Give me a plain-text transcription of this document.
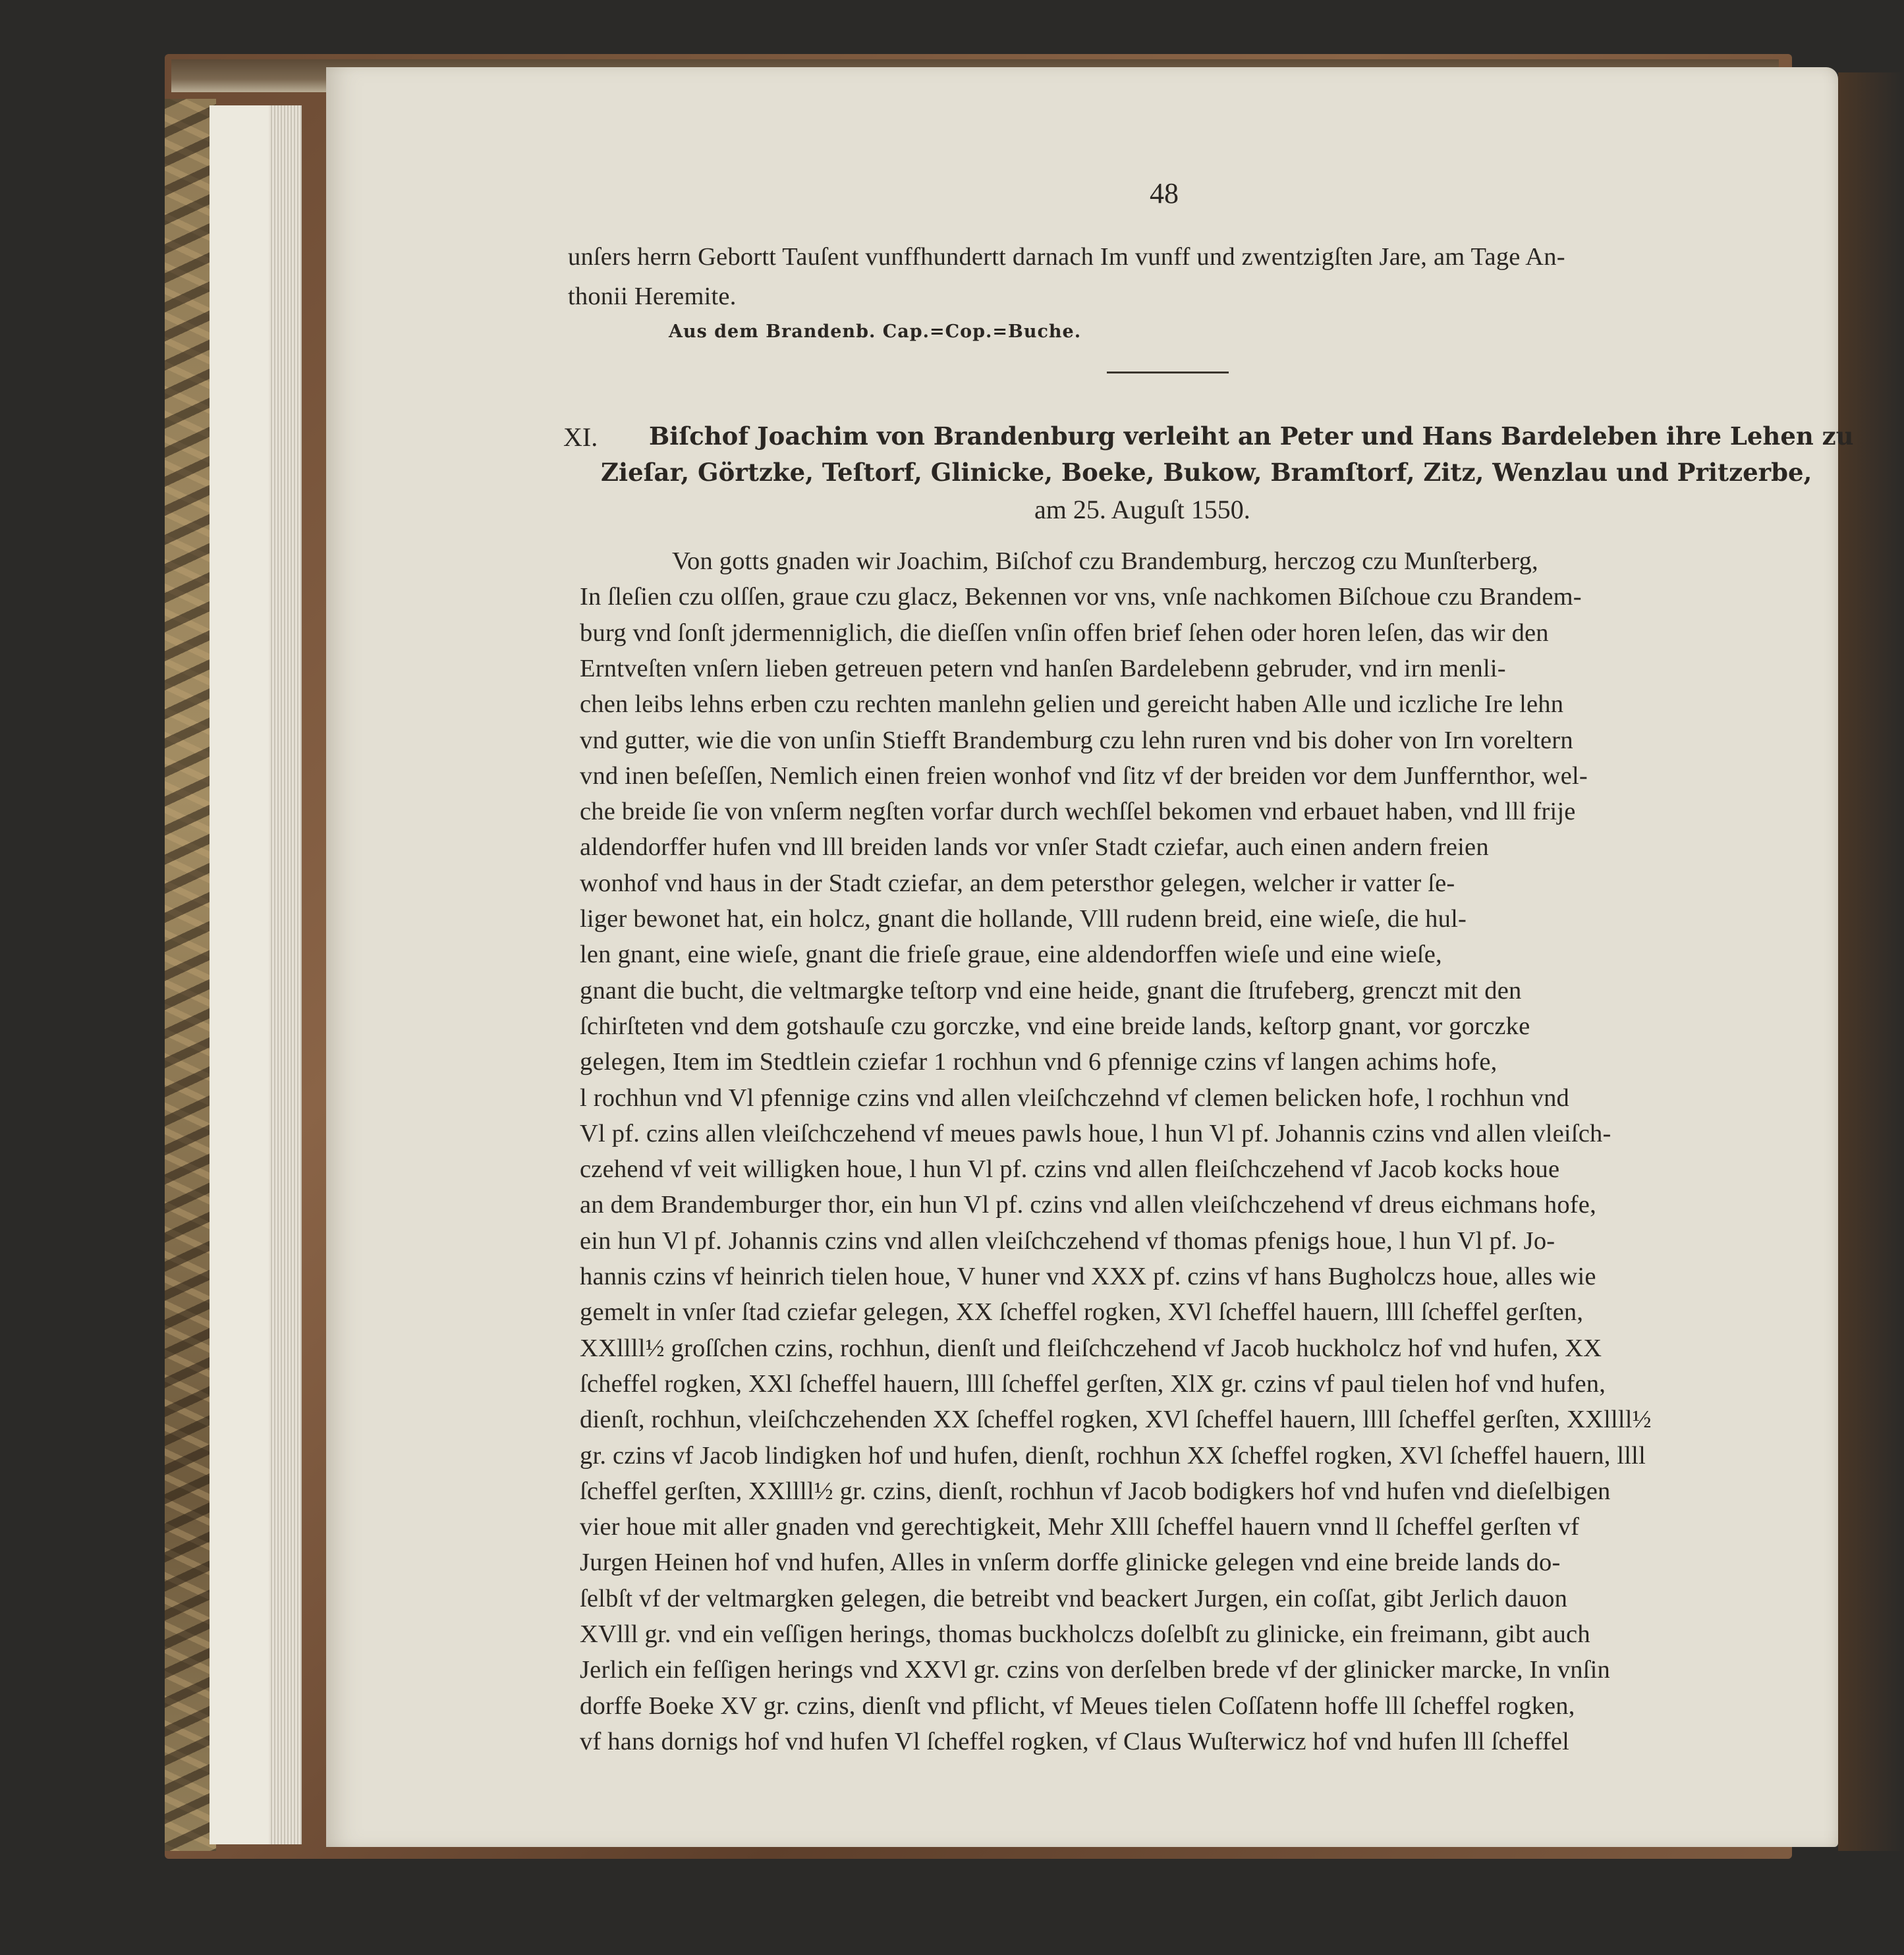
48
unſers herrn Gebortt Tauſent vunffhundertt darnach Im vunff und zwentzigſten Jare, am Tage An-
thonii Heremite.
Aus dem Brandenb. Cap.=Cop.=Buche.
XI. Biſchof Joachim von Brandenburg verleiht an Peter und Hans Bardeleben ihre Lehen zu
Zieſar, Görtzke, Teſtorf, Glinicke, Boeke, Bukow, Bramſtorf, Zitz, Wenzlau und Pritzerbe,
am 25. Auguſt 1550.
Von gotts gnaden wir Joachim, Biſchof czu Brandemburg, herczog czu Munſterberg,
In ſleſien czu olſſen, graue czu glacz, Bekennen vor vns, vnſe nachkomen Biſchoue czu Brandem-
burg vnd ſonſt jdermenniglich, die dieſſen vnſin offen brief ſehen oder horen leſen, das wir den
Erntveſten vnſern lieben getreuen petern vnd hanſen Bardelebenn gebruder, vnd irn menli-
chen leibs lehns erben czu rechten manlehn gelien und gereicht haben Alle und iczliche Ire lehn
vnd gutter, wie die von unſin Stiefft Brandemburg czu lehn ruren vnd bis doher von Irn voreltern
vnd inen beſeſſen, Nemlich einen freien wonhof vnd ſitz vf der breiden vor dem Junffernthor, wel-
che breide ſie von vnſerm negſten vorfar durch wechſſel bekomen vnd erbauet haben, vnd lll frije
aldendorffer hufen vnd lll breiden lands vor vnſer Stadt cziefar, auch einen andern freien
wonhof vnd haus in der Stadt cziefar, an dem petersthor gelegen, welcher ir vatter ſe-
liger bewonet hat, ein holcz, gnant die hollande, Vlll rudenn breid, eine wieſe, die hul-
len gnant, eine wieſe, gnant die frieſe graue, eine aldendorffen wieſe und eine wieſe,
gnant die bucht, die veltmargke teſtorp vnd eine heide, gnant die ſtrufeberg, grenczt mit den
ſchirſteten vnd dem gotshauſe czu gorczke, vnd eine breide lands, keſtorp gnant, vor gorczke
gelegen, Item im Stedtlein cziefar 1 rochhun vnd 6 pfennige czins vf langen achims hofe,
l rochhun vnd Vl pfennige czins vnd allen vleiſchczehnd vf clemen belicken hofe, l rochhun vnd
Vl pf. czins allen vleiſchczehend vf meues pawls houe, l hun Vl pf. Johannis czins vnd allen vleiſch-
czehend vf veit willigken houe, l hun Vl pf. czins vnd allen fleiſchczehend vf Jacob kocks houe
an dem Brandemburger thor, ein hun Vl pf. czins vnd allen vleiſchczehend vf dreus eichmans hofe,
ein hun Vl pf. Johannis czins vnd allen vleiſchczehend vf thomas pfenigs houe, l hun Vl pf. Jo-
hannis czins vf heinrich tielen houe, V huner vnd XXX pf. czins vf hans Bugholczs houe, alles wie
gemelt in vnſer ſtad cziefar gelegen, XX ſcheffel rogken, XVl ſcheffel hauern, llll ſcheffel gerſten,
XXllll½ groſſchen czins, rochhun, dienſt und fleiſchczehend vf Jacob huckholcz hof vnd hufen, XX
ſcheffel rogken, XXl ſcheffel hauern, llll ſcheffel gerſten, XlX gr. czins vf paul tielen hof vnd hufen,
dienſt, rochhun, vleiſchczehenden XX ſcheffel rogken, XVl ſcheffel hauern, llll ſcheffel gerſten, XXllll½
gr. czins vf Jacob lindigken hof und hufen, dienſt, rochhun XX ſcheffel rogken, XVl ſcheffel hauern, llll
ſcheffel gerſten, XXllll½ gr. czins, dienſt, rochhun vf Jacob bodigkers hof vnd hufen vnd dieſelbigen
vier houe mit aller gnaden vnd gerechtigkeit, Mehr Xlll ſcheffel hauern vnnd ll ſcheffel gerſten vf
Jurgen Heinen hof vnd hufen, Alles in vnſerm dorffe glinicke gelegen vnd eine breide lands do-
ſelbſt vf der veltmargken gelegen, die betreibt vnd beackert Jurgen, ein coſſat, gibt Jerlich dauon
XVlll gr. vnd ein veſſigen herings, thomas buckholczs doſelbſt zu glinicke, ein freimann, gibt auch
Jerlich ein feſſigen herings vnd XXVl gr. czins von derſelben brede vf der glinicker marcke, In vnſin
dorffe Boeke XV gr. czins, dienſt vnd pflicht, vf Meues tielen Coſſatenn hoffe lll ſcheffel rogken,
vf hans dornigs hof vnd hufen Vl ſcheffel rogken, vf Claus Wuſterwicz hof vnd hufen lll ſcheffel
